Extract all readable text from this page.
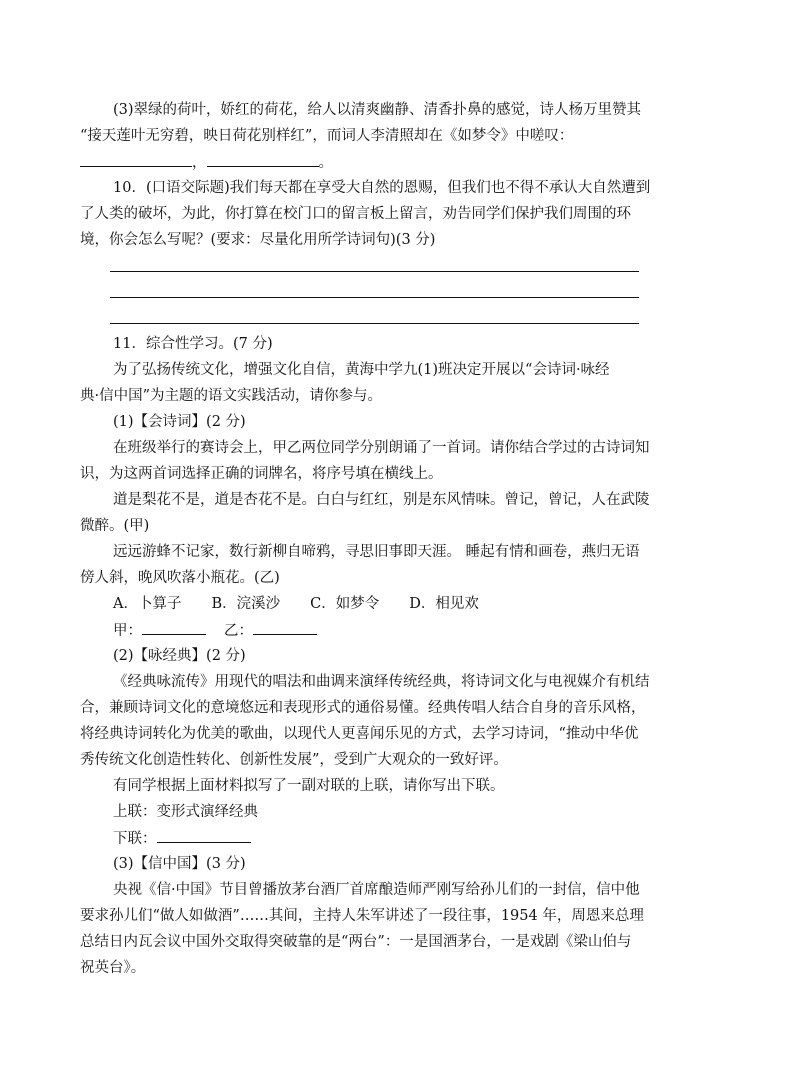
(3)翠绿的荷叶，娇红的荷花，给人以清爽幽静、清香扑鼻的感觉，诗人杨万里赞其
“接天莲叶无穷碧，映日荷花别样红”，而词人李清照却在《如梦令》中嗟叹：
，	。
10．(口语交际题)我们每天都在享受大自然的恩赐，但我们也不得不承认大自然遭到
了人类的破坏，为此，你打算在校门口的留言板上留言，劝告同学们保护我们周围的环
境，你会怎么写呢？(要求：尽量化用所学诗词句)(3 分)
11．综合性学习。(7 分)
为了弘扬传统文化，增强文化自信，黄海中学九(1)班决定开展以“会诗词·咏经
典·信中国”为主题的语文实践活动，请你参与。
(1)【会诗词】(2 分)
在班级举行的赛诗会上，甲乙两位同学分别朗诵了一首词。请你结合学过的古诗词知
识，为这两首词选择正确的词牌名，将序号填在横线上。
道是梨花不是，道是杏花不是。白白与红红，别是东风情味。曾记，曾记，人在武陵
微醉。(甲)
远远游蜂不记家，数行新柳自啼鸦，寻思旧事即天涯。 睡起有情和画卷，燕归无语
傍人斜，晚风吹落小瓶花。(乙)
A．卜算子 B．浣溪沙 C．如梦令 D．相见欢
甲：	乙：
(2)【咏经典】(2 分)
《经典咏流传》用现代的唱法和曲调来演绎传统经典，将诗词文化与电视媒介有机结
合，兼顾诗词文化的意境悠远和表现形式的通俗易懂。经典传唱人结合自身的音乐风格，
将经典诗词转化为优美的歌曲，以现代人更喜闻乐见的方式，去学习诗词，“推动中华优
秀传统文化创造性转化、创新性发展”，受到广大观众的一致好评。
有同学根据上面材料拟写了一副对联的上联，请你写出下联。
上联：变形式演绎经典
下联：
(3)【信中国】(3 分)
央视《信·中国》节目曾播放茅台酒厂首席酿造师严刚写给孙儿们的一封信，信中他
要求孙儿们“做人如做酒”……其间，主持人朱军讲述了一段往事，1954 年，周恩来总理
总结日内瓦会议中国外交取得突破靠的是“两台”：一是国酒茅台，一是戏剧《梁山伯与
祝英台》。
